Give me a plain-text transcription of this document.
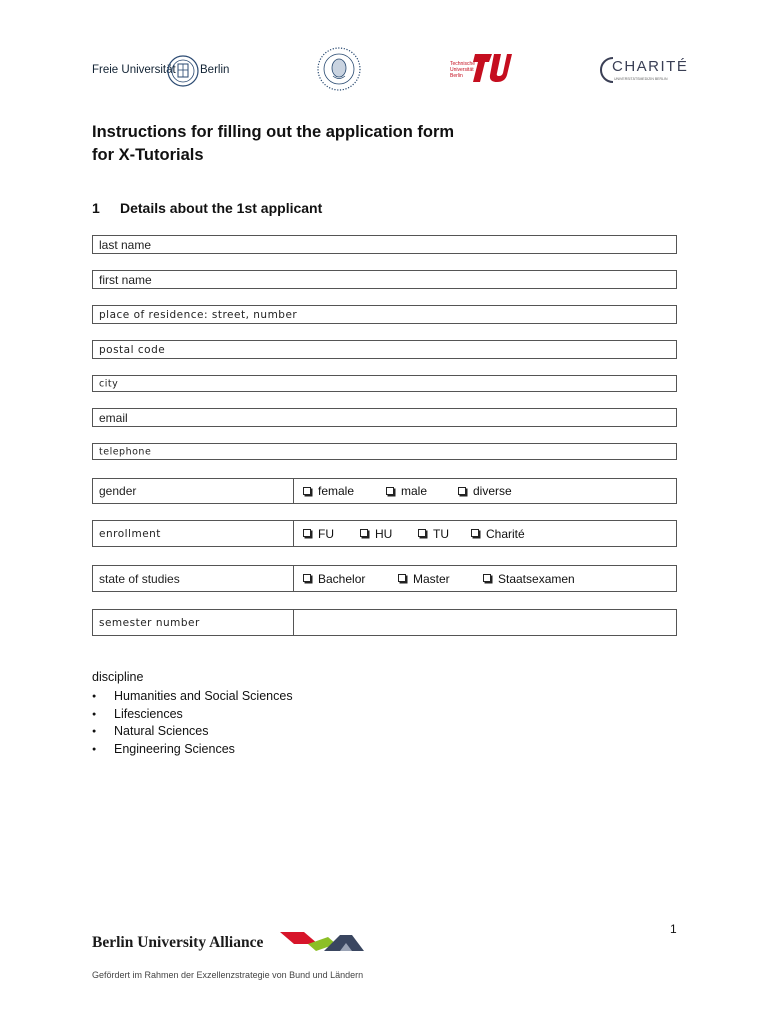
Freie Universität Berlin	Technische Universität Berlin
CHARITÉ
UNIVERSITÄTSMEDIZIN BERLIN
Instructions for filling out the application form
for X-Tutorials
1 Details about the 1st applicant
last name
first name
place of residence: street, number
postal code
city
email
telephone
gender	female	male	diverse
enrollment	FU	HU	TU	Charité
state of studies	Bachelor	Master	Staatsexamen
semester number
discipline
● Humanities and Social Sciences
● Lifesciences
● Natural Sciences
● Engineering Sciences
1
Berlin University Alliance
Gefördert im Rahmen der Exzellenzstrategie von Bund und Ländern
